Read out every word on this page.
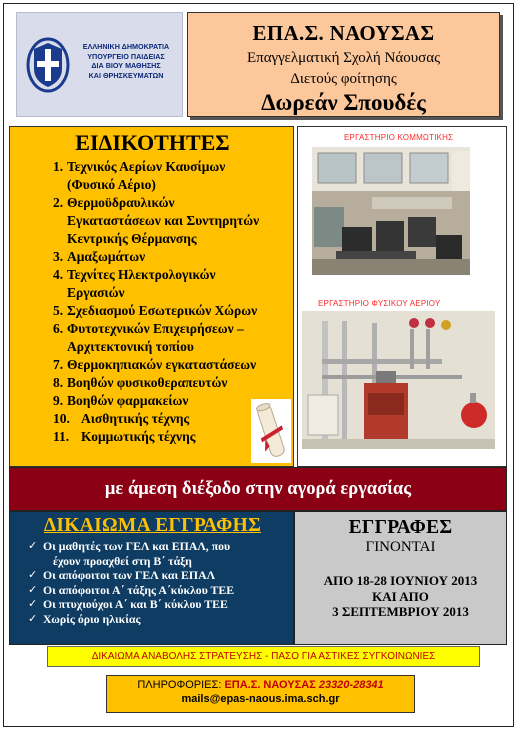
ΕΛΛΗΝΙΚΗ ΔΗΜΟΚΡΑΤΙΑ
ΥΠΟΥΡΓΕΙΟ ΠΑΙΔΕΙΑΣ
ΔΙΑ ΒΙΟΥ ΜΑΘΗΣΗΣ
ΚΑΙ ΘΡΗΣΚΕΥΜΑΤΩΝ
ΕΠΑ.Σ. ΝΑΟΥΣΑΣ
Επαγγελματική Σχολή Νάουσας
Διετούς φοίτησης
Δωρεάν Σπουδές
ΕΙΔΙΚΟΤΗΤΕΣ
1. Τεχνικός Αερίων Καυσίμων
(Φυσικό Αέριο)
2. Θερμοϋδραυλικών
Εγκαταστάσεων και Συντηρητών
Κεντρικής Θέρμανσης
3. Αμαξωμάτων
4. Τεχνίτες Ηλεκτρολογικών
Εργασιών
5. Σχεδιασμού Εσωτερικών Χώρων
6. Φυτοτεχνικών Επιχειρήσεων –
Αρχιτεκτονική τοπίου
7. Θερμοκηπιακών εγκαταστάσεων
8. Βοηθών φυσικοθεραπευτών
9. Βοηθών φαρμακείων
10. Αισθητικής τέχνης
11. Κομμωτικής τέχνης
ΕΡΓΑΣΤΗΡΙΟ ΚΟΜΜΩΤΙΚΗΣ
ΕΡΓΑΣΤΗΡΙΟ ΦΥΣΙΚΟΥ ΑΕΡΙΟΥ
με άμεση διέξοδο στην αγορά εργασίας
ΔΙΚΑΙΩΜΑ ΕΓΓΡΑΦΗΣ
✓ Οι μαθητές των ΓΕΛ και ΕΠΑΛ, που
έχουν προαχθεί στη Β΄ τάξη
✓ Οι απόφοιτοι των ΓΕΛ και ΕΠΑΛ
✓ Οι απόφοιτοι Α΄ τάξης Α΄κύκλου ΤΕΕ
✓ Οι πτυχιούχοι Α΄ και Β΄ κύκλου ΤΕΕ
✓ Χωρίς όριο ηλικίας
ΕΓΓΡΑΦΕΣ
ΓΙΝΟΝΤΑΙ
ΑΠΟ 18-28 ΙΟΥΝΙΟΥ 2013
ΚΑΙ ΑΠΟ
3 ΣΕΠΤΕΜΒΡΙΟΥ 2013
ΔΙΚΑΙΩΜΑ ΑΝΑΒΟΛΗΣ ΣΤΡΑΤΕΥΣΗΣ - ΠΑΣΟ ΓΙΑ ΑΣΤΙΚΕΣ ΣΥΓΚΟΙΝΩΝΙΕΣ
ΠΛΗΡΟΦΟΡΙΕΣ: ΕΠΑ.Σ. ΝΑΟΥΣΑΣ 23320-28341
mails@epas-naous.ima.sch.gr
